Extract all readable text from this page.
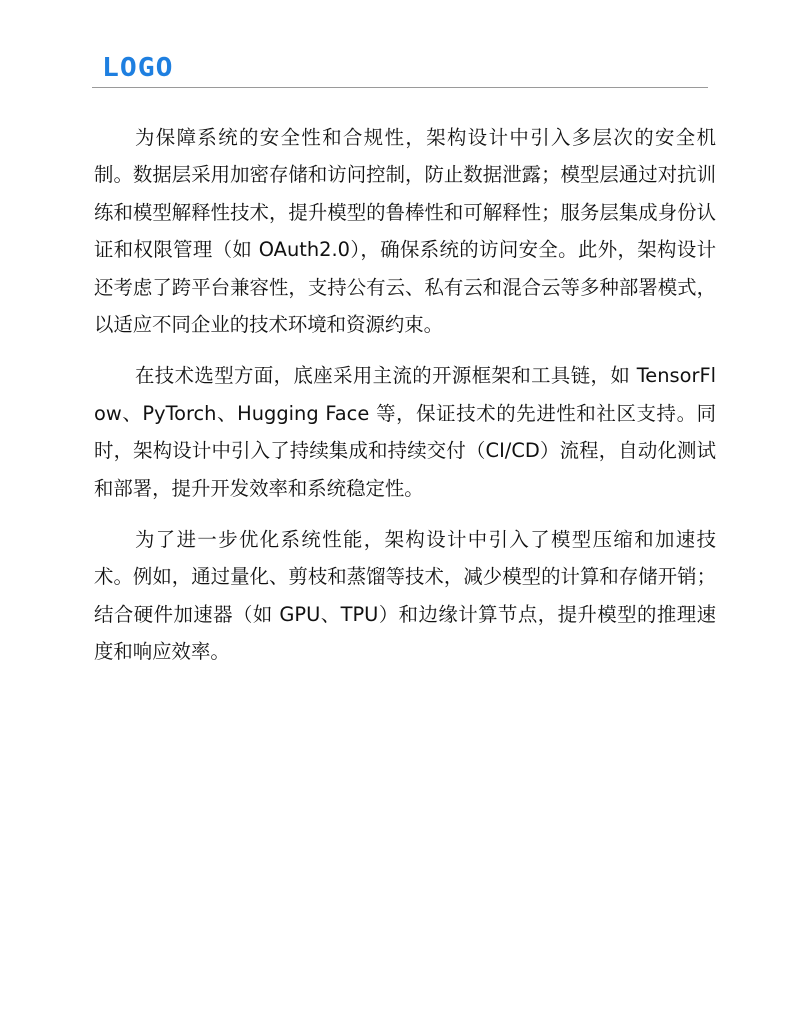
LOGO

为保障系统的安全性和合规性，架构设计中引入多层次的安全机制。数据层采用加密存储和访问控制，防止数据泄露；模型层通过对抗训练和模型解释性技术，提升模型的鲁棒性和可解释性；服务层集成身份认证和权限管理（如 OAuth2.0），确保系统的访问安全。此外，架构设计还考虑了跨平台兼容性，支持公有云、私有云和混合云等多种部署模式，以适应不同企业的技术环境和资源约束。

在技术选型方面，底座采用主流的开源框架和工具链，如 TensorFlow、PyTorch、Hugging Face 等，保证技术的先进性和社区支持。同时，架构设计中引入了持续集成和持续交付（CI/CD）流程，自动化测试和部署，提升开发效率和系统稳定性。

为了进一步优化系统性能，架构设计中引入了模型压缩和加速技术。例如，通过量化、剪枝和蒸馏等技术，减少模型的计算和存储开销；结合硬件加速器（如 GPU、TPU）和边缘计算节点，提升模型的推理速度和响应效率。
